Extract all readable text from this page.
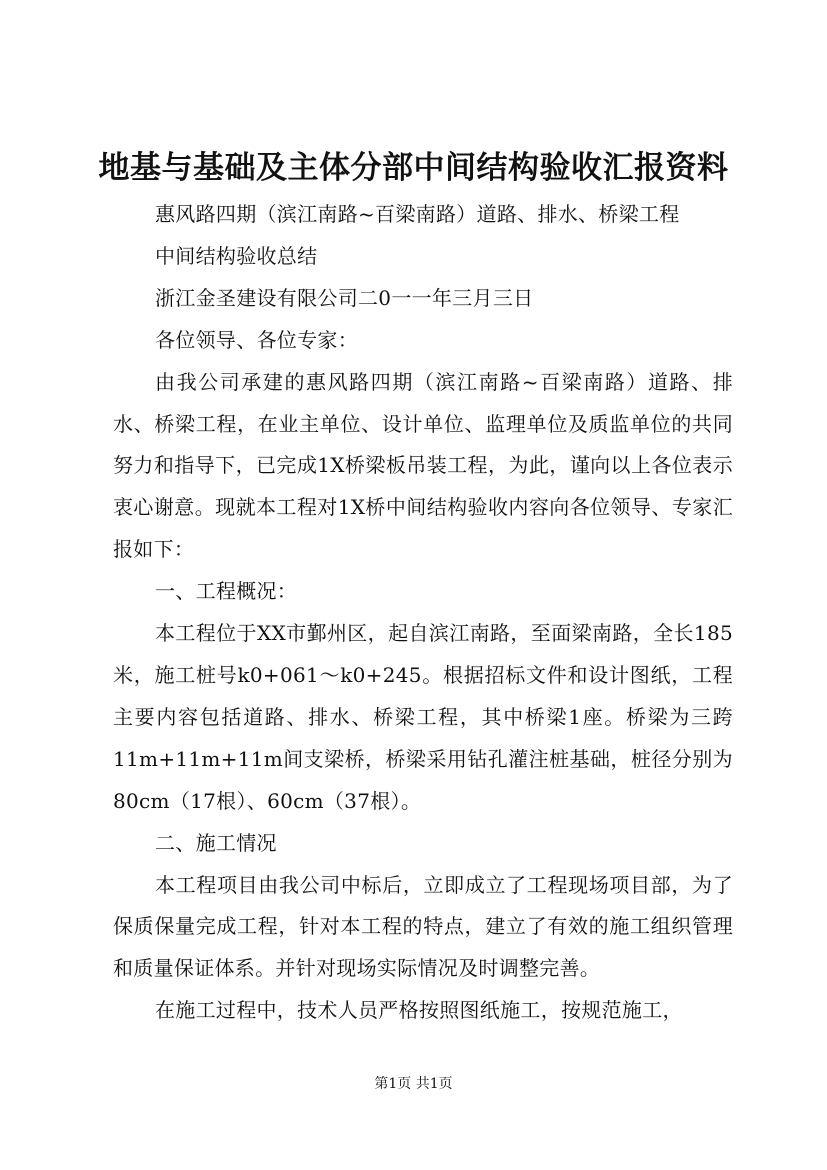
地基与基础及主体分部中间结构验收汇报资料

惠风路四期（滨江南路~百梁南路）道路、排水、桥梁工程

中间结构验收总结

浙江金圣建设有限公司二0一一年三月三日

各位领导、各位专家：

由我公司承建的惠风路四期（滨江南路~百梁南路）道路、排水、桥梁工程，在业主单位、设计单位、监理单位及质监单位的共同努力和指导下，已完成1X桥梁板吊装工程，为此，谨向以上各位表示衷心谢意。现就本工程对1X桥中间结构验收内容向各位领导、专家汇报如下：

一、工程概况：

本工程位于XX市鄞州区，起自滨江南路，至面梁南路，全长185米，施工桩号k0+061～k0+245。根据招标文件和设计图纸，工程主要内容包括道路、排水、桥梁工程，其中桥梁1座。桥梁为三跨11m+11m+11m间支梁桥，桥梁采用钻孔灌注桩基础，桩径分别为80cm（17根）、60cm（37根）。

二、施工情况

本工程项目由我公司中标后，立即成立了工程现场项目部，为了保质保量完成工程，针对本工程的特点，建立了有效的施工组织管理和质量保证体系。并针对现场实际情况及时调整完善。

在施工过程中，技术人员严格按照图纸施工，按规范施工，

第1页 共1页
